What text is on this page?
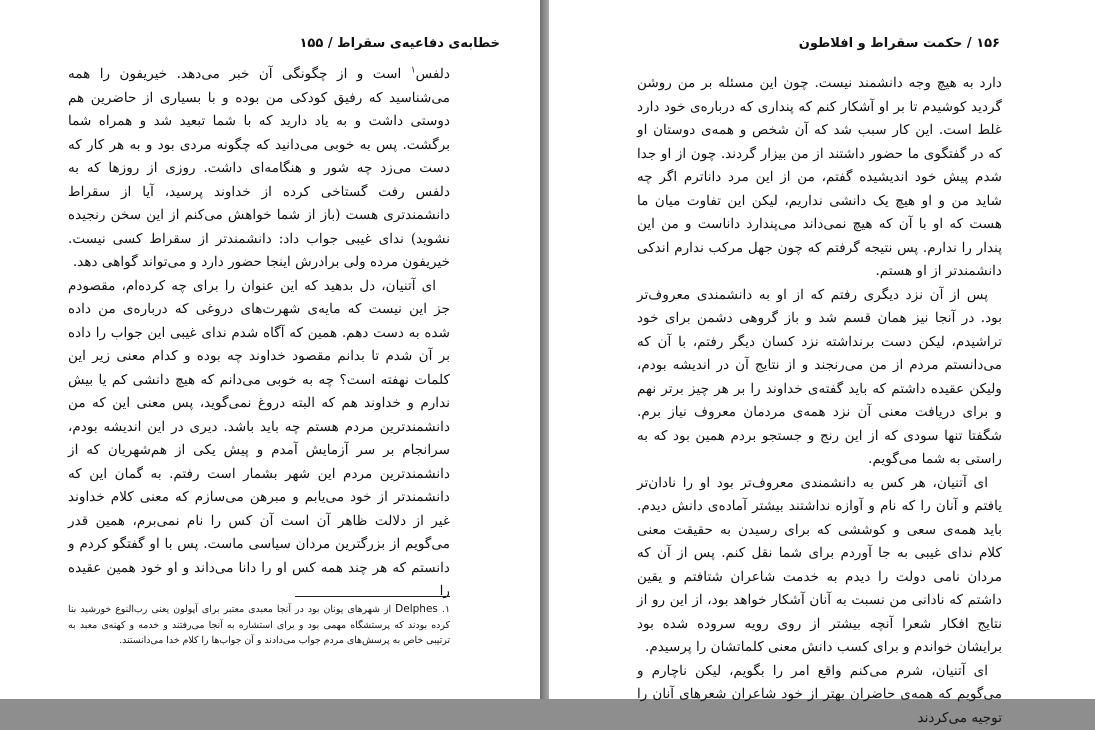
خطابه‌ی دفاعیه‌ی سقراط / ۱۵۵

دلفس$^۱$ است و از چگونگی آن خبر می‌دهد. خیریفون را همه می‌شناسید که رفیق کودکی من بوده و با بسیاری از حاضرین هم دوستی داشت و به یاد دارید که با شما تبعید شد و همراه شما برگشت. پس به خوبی می‌دانید که چگونه مردی بود و به هر کار که دست می‌زد چه شور و هنگامه‌ای داشت. روزی از روزها که به دلفس رفت گستاخی کرده از خداوند پرسید، آیا از سقراط دانشمندتری هست (باز از شما خواهش می‌کنم از این سخن رنجیده نشوید) ندای غیبی جواب داد: دانشمندتر از سقراط کسی نیست. خیریفون مرده ولی برادرش اینجا حضور دارد و می‌تواند گواهی دهد.

ای آتنیان، دل بدهید که این عنوان را برای چه کرده‌ام، مقصودم جز این نیست که مایه‌ی شهرت‌های دروغی که درباره‌ی من داده شده به دست دهم. همین که آگاه شدم ندای غیبی این جواب را داده بر آن شدم تا بدانم مقصود خداوند چه بوده و کدام معنی زیر این کلمات نهفته است؟ چه به خوبی می‌دانم که هیچ دانشی کم یا بیش ندارم و خداوند هم که البته دروغ نمی‌گوید، پس معنی این که من دانشمندترین مردم هستم چه باید باشد. دیری در این اندیشه بودم، سرانجام بر سر آزمایش آمدم و پیش یکی از هم‌شهریان که از دانشمندترین مردم این شهر بشمار است رفتم. به گمان این که دانشمندتر از خود می‌یابم و مبرهن می‌سازم که معنی کلام خداوند غیر از دلالت ظاهر آن است آن کس را نام نمی‌برم، همین قدر می‌گویم از بزرگترین مردان سیاسی ماست. پس با او گفتگو کردم و دانستم که هر چند همه کس او را دانا می‌داند و او خود همین عقیده را

۱. Delphes از شهرهای یونان بود در آنجا معبدی معتبر برای آپولون یعنی رب‌النوع خورشید بنا کرده بودند که پرستشگاه مهمی بود و برای استشاره به آنجا می‌رفتند و خدمه و کهنه‌ی معبد به ترتیبی خاص به پرسش‌های مردم جواب می‌دادند و آن جواب‌ها را کلام خدا می‌دانستند.
۱۵۶ / حکمت سقراط و افلاطون

دارد به هیچ وجه دانشمند نیست. چون این مسئله بر من روشن گردید کوشیدم تا بر او آشکار کنم که پنداری که درباره‌ی خود دارد غلط است. این کار سبب شد که آن شخص و همه‌ی دوستان او که در گفتگوی ما حضور داشتند از من بیزار گردند. چون از او جدا شدم پیش خود اندیشیده گفتم، من از این مرد داناترم اگر چه شاید من و او هیچ یک دانشی نداریم، لیکن این تفاوت میان ما هست که او با آن که هیچ نمی‌داند می‌پندارد داناست و من این پندار را ندارم. پس نتیجه گرفتم که چون جهل مرکب ندارم اندکی دانشمندتر از او هستم.

پس از آن نزد دیگری رفتم که از او به دانشمندی معروف‌تر بود. در آنجا نیز همان قسم شد و باز گروهی دشمن برای خود تراشیدم، لیکن دست برنداشته نزد کسان دیگر رفتم، با آن که می‌دانستم مردم از من می‌رنجند و از نتایج آن در اندیشه بودم، ولیکن عقیده داشتم که باید گفته‌ی خداوند را بر هر چیز برتر نهم و برای دریافت معنی آن نزد همه‌ی مردمان معروف نیاز برم. شگفتا تنها سودی که از این رنج و جستجو بردم همین بود که به راستی به شما می‌گویم.

ای آتنیان، هر کس به دانشمندی معروف‌تر بود او را نادان‌تر یافتم و آنان را که نام و آوازه نداشتند بیشتر آماده‌ی دانش دیدم. باید همه‌ی سعی و کوششی که برای رسیدن به حقیقت معنی کلام ندای غیبی به جا آوردم برای شما نقل کنم. پس از آن که مردان نامی دولت را دیدم به خدمت شاعران شتافتم و یقین داشتم که نادانی من نسبت به آنان آشکار خواهد بود، از این رو از نتایج افکار شعرا آنچه بیشتر از روی رویه سروده شده بود برایشان خواندم و برای کسب دانش معنی کلماتشان را پرسیدم.

ای آتنیان، شرم می‌کنم واقع امر را بگویم، لیکن ناچارم و می‌گویم که همه‌ی حاضران بهتر از خود شاعران شعرهای آنان را توجیه می‌کردند
